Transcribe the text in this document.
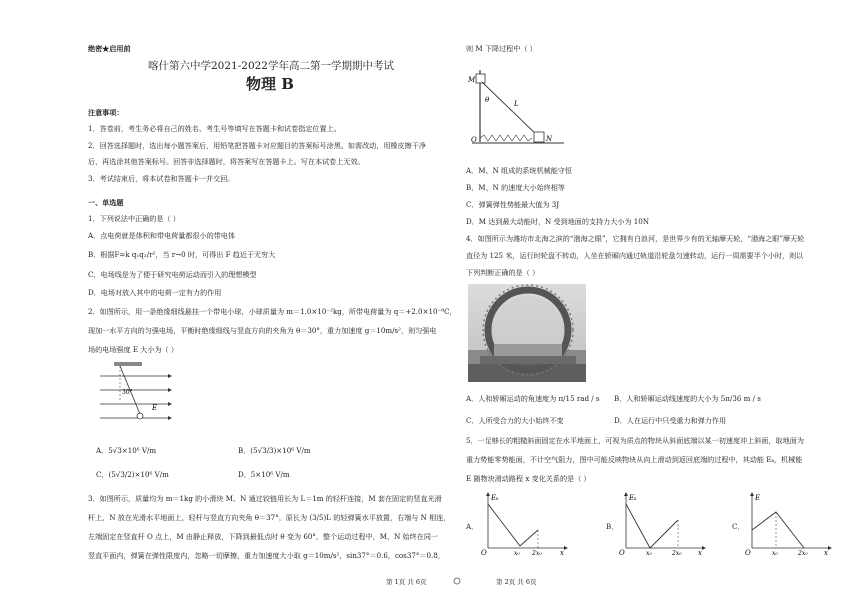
绝密★启用前
喀什第六中学2021-2022学年高二第一学期期中考试
物理 B
注意事项：
1．答卷前，考生务必将自己的姓名、考生号等填写在答题卡和试卷指定位置上。
2．回答选择题时，选出每小题答案后，用铅笔把答题卡对应题目的答案标号涂黑。如需改动，用橡皮擦干净
后，再选涂其他答案标号。回答非选择题时，将答案写在答题卡上。写在本试卷上无效。
3．考试结束后，将本试卷和答题卡一并交回。
一、单选题
1．下列说法中正确的是（ ）
A．点电荷就是体积和带电荷量都很小的带电体
B．根据F=k q₁q₂/r²，当 r→0 时，可得出 F 趋近于无穷大
C．电场线是为了便于研究电荷运动而引入的理想模型
D．电场对放入其中的电荷一定有力的作用
2．如图所示，用一条绝缘细线悬挂一个带电小球，小球质量为 m＝1.0×10⁻²kg，所带电荷量为 q＝+2.0×10⁻⁸C，
现加一水平方向的匀强电场，平衡时绝缘细线与竖直方向的夹角为 θ＝30°，重力加速度 g＝10m/s²，则匀强电
场的电场强度 E 大小为（ ）
30°
E
A．5√3×10⁶ V/m	B．(5√3/3)×10⁶ V/m
C．(5√3/2)×10⁶ V/m	D．5×10⁶ V/m
3．如图所示，质量均为 m＝1kg 的小滑块 M、N 通过铰链用长为 L＝1m 的轻杆连接，M 套在固定的竖直光滑
杆上，N 放在光滑水平地面上，轻杆与竖直方向夹角 θ＝37°，原长为 (3/5)L 的轻弹簧水平放置，右端与 N 相连，
左端固定在竖直杆 O 点上，M 由静止释放，下降到最低点时 θ 变为 60°，整个运动过程中，M、N 始终在同一
竖直平面内，弹簧在弹性限度内，忽略一切摩擦，重力加速度大小取 g＝10m/s²，sin37°＝0.6，cos37°＝0.8，
则 M 下降过程中（ ）
M
θ	L
O	N
A．M、N 组成的系统机械能守恒
B．M、N 的速度大小始终相等
C．弹簧弹性势能最大值为 3J
D．M 达到最大动能时，N 受到地面的支持力大小为 10N
4．如图所示为潍坊市北海之滨的“渤海之眼”，它拥有白浪河，是世界少有的无轴摩天轮，“渤海之眼”摩天轮
直径为 125 米，运行时轮盘不转动，人坐在轿厢内通过轨道沿轮盘匀速转动，运行一周需要半个小时，则以
下列判断正确的是（ ）
A．人和轿厢运动的角速度为 π/15 rad / s B．人和轿厢运动线速度的大小为 5π/36 m / s
C．人所受合力的大小始终不变	D．人在运行中只受重力和弹力作用
5．一足够长的粗糙斜面固定在水平地面上，可视为质点的物块从斜面底端以某一初速度冲上斜面，取地面为
重力势能零势能面，不计空气阻力，图中可能反映物块从向上滑动到返回底端的过程中，其动能 Eₖ，机械能
E 随物块滑动路程 x 变化关系的是（ ）
A．
Eₖ
O	x₀ 2x₀	x
B．
Eₖ
O	x₀	2x₀ x
C．
E
O	x₀	2x₀ x
第 1页 共 6页	第 2页 共 6页
